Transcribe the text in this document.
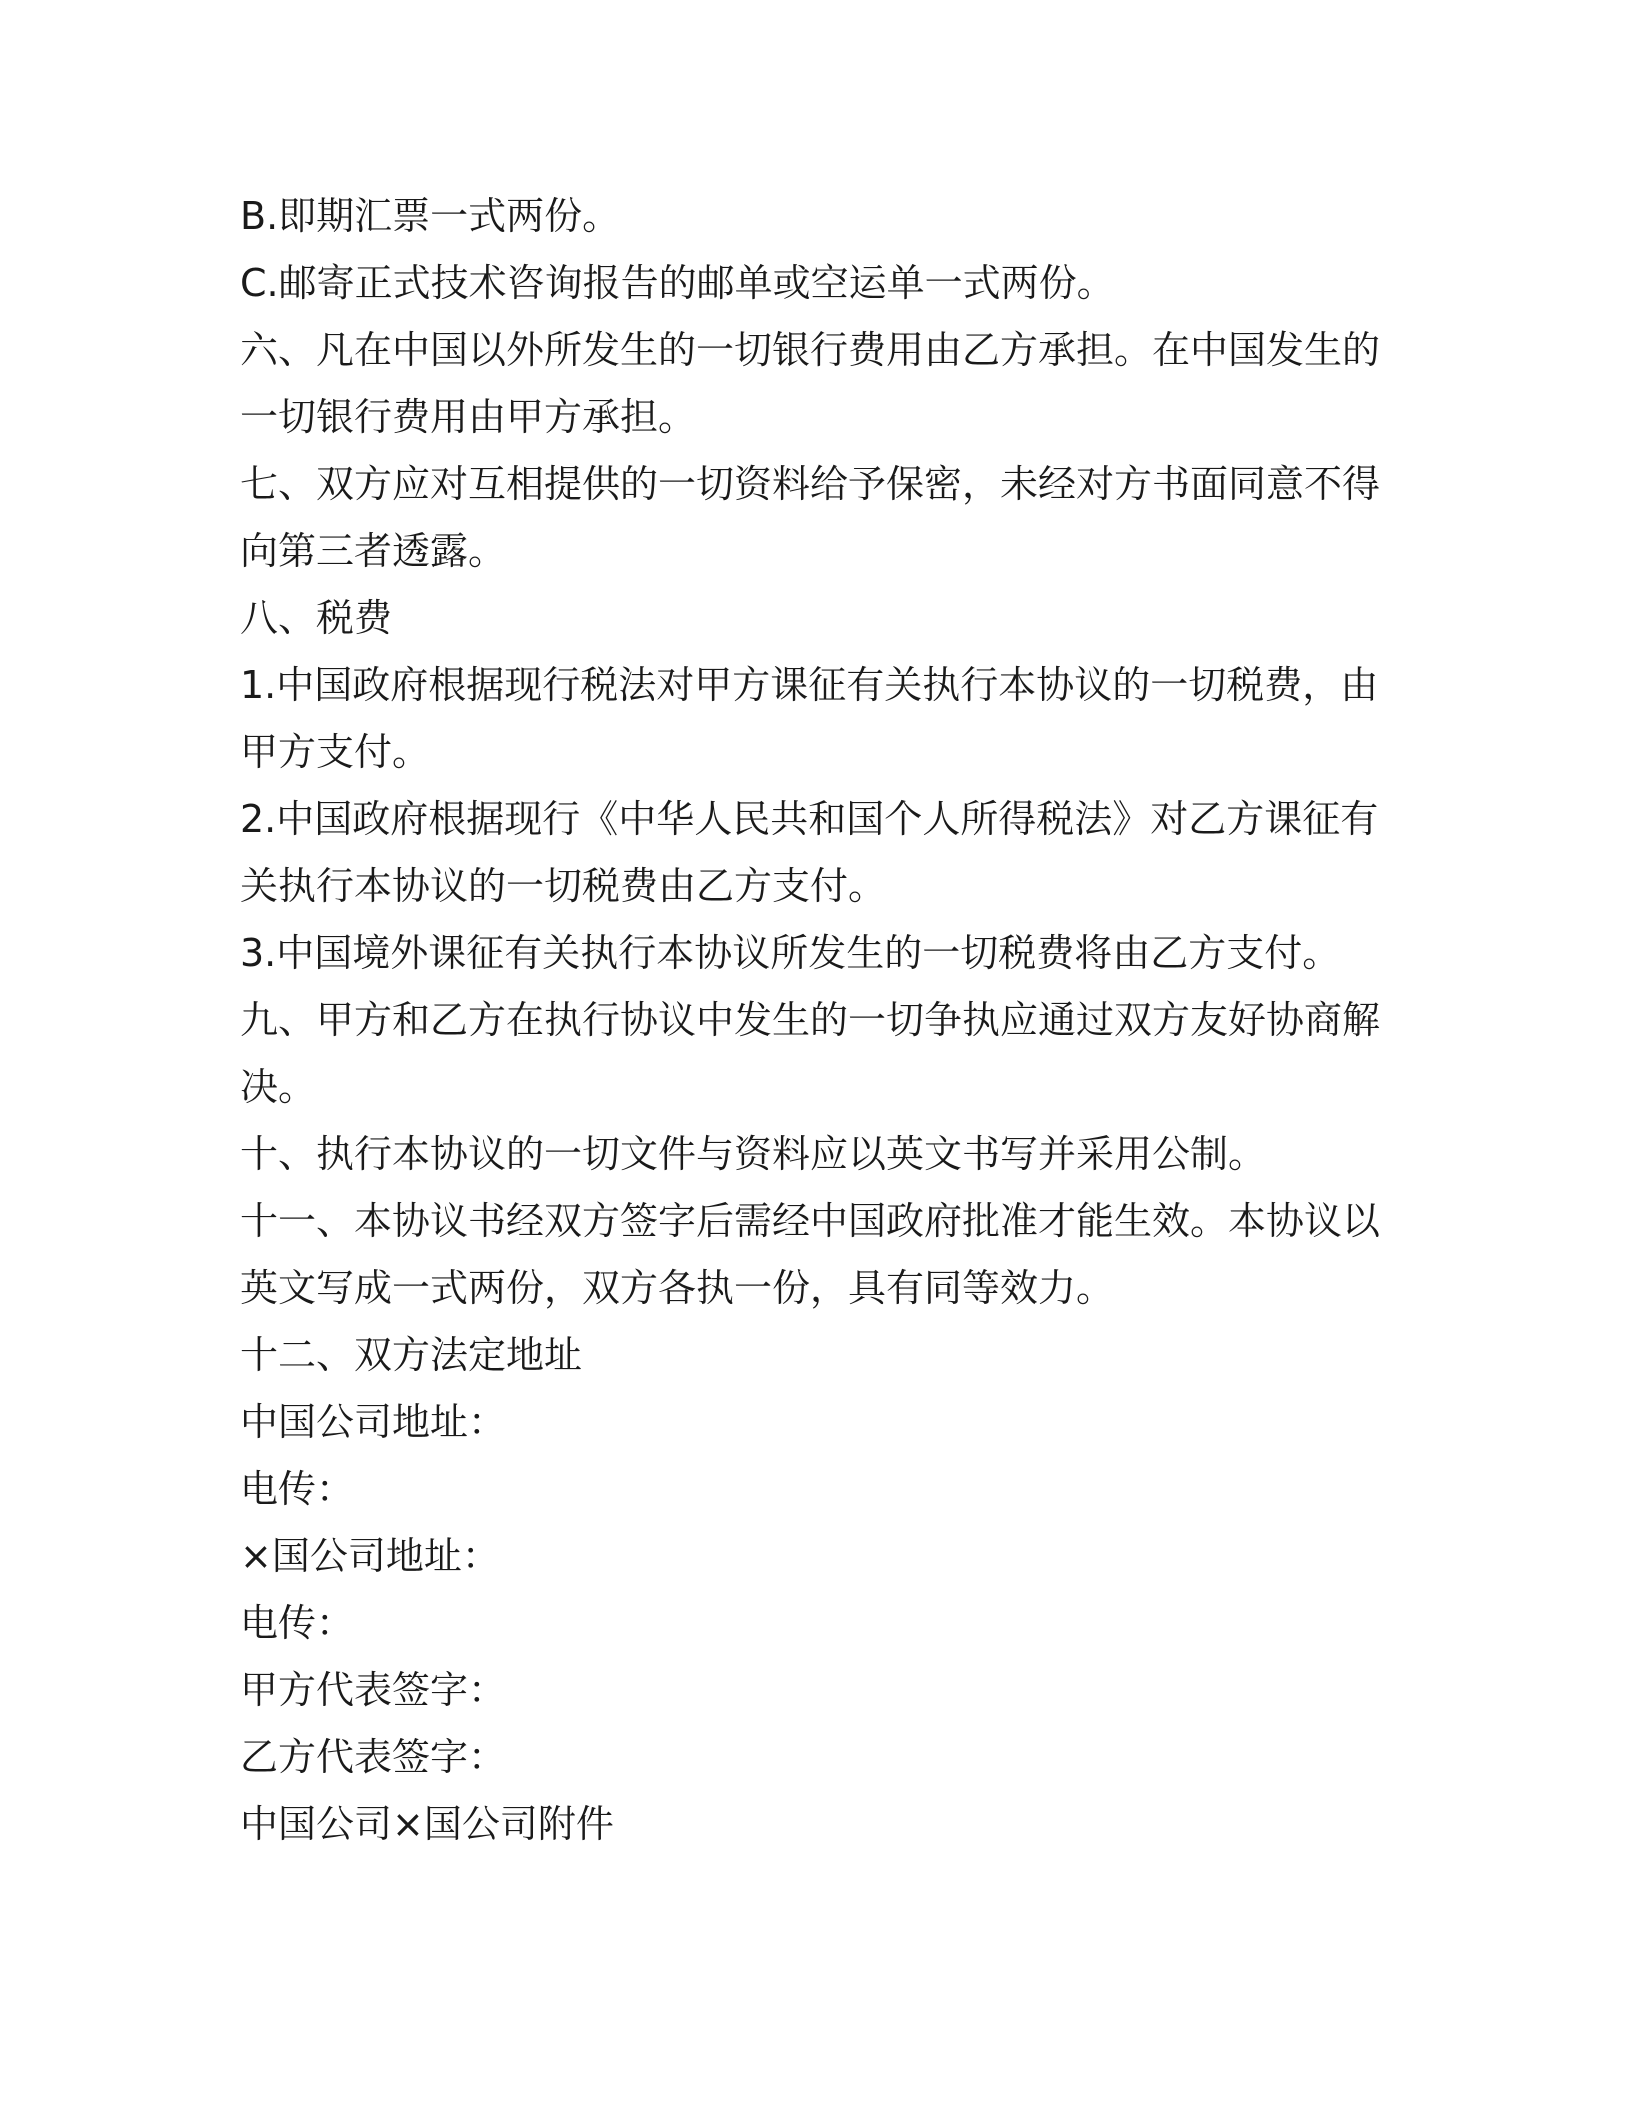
B.即期汇票一式两份。
C.邮寄正式技术咨询报告的邮单或空运单一式两份。
六、凡在中国以外所发生的一切银行费用由乙方承担。在中国发生的
一切银行费用由甲方承担。
七、双方应对互相提供的一切资料给予保密，未经对方书面同意不得
向第三者透露。
八、税费
1.中国政府根据现行税法对甲方课征有关执行本协议的一切税费，由
甲方支付。
2.中国政府根据现行《中华人民共和国个人所得税法》对乙方课征有
关执行本协议的一切税费由乙方支付。
3.中国境外课征有关执行本协议所发生的一切税费将由乙方支付。
九、甲方和乙方在执行协议中发生的一切争执应通过双方友好协商解
决。
十、执行本协议的一切文件与资料应以英文书写并采用公制。
十一、本协议书经双方签字后需经中国政府批准才能生效。本协议以
英文写成一式两份，双方各执一份，具有同等效力。
十二、双方法定地址
中国公司地址：
电传：
×国公司地址：
电传：
甲方代表签字：
乙方代表签字：
中国公司×国公司附件
